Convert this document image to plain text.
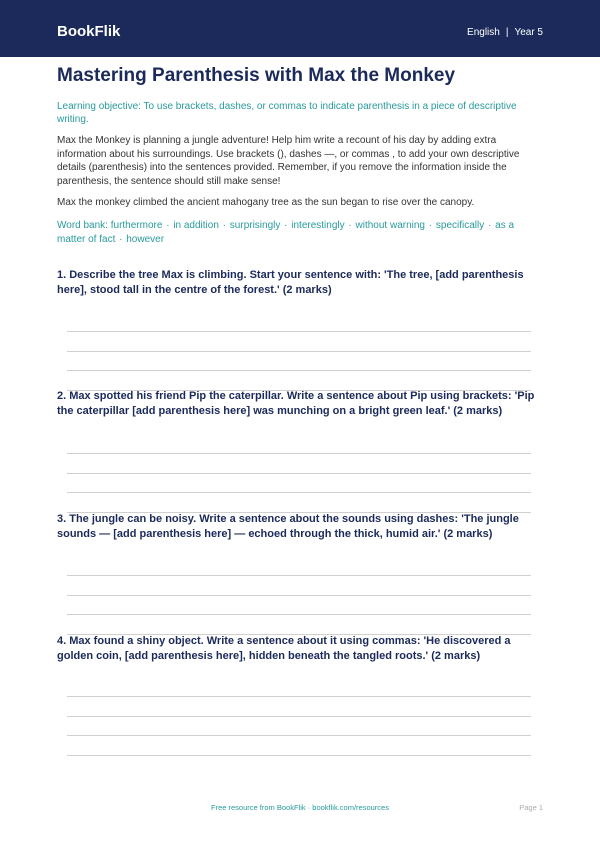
BookFlik	English | Year 5
Mastering Parenthesis with Max the Monkey
Learning objective: To use brackets, dashes, or commas to indicate parenthesis in a piece of descriptive writing.
Max the Monkey is planning a jungle adventure! Help him write a recount of his day by adding extra information about his surroundings. Use brackets (), dashes —, or commas , to add your own descriptive details (parenthesis) into the sentences provided. Remember, if you remove the information inside the parenthesis, the sentence should still make sense!
Max the monkey climbed the ancient mahogany tree as the sun began to rise over the canopy.
Word bank: furthermore · in addition · surprisingly · interestingly · without warning · specifically · as a matter of fact · however
1. Describe the tree Max is climbing. Start your sentence with: 'The tree, [add parenthesis here], stood tall in the centre of the forest.' (2 marks)
2. Max spotted his friend Pip the caterpillar. Write a sentence about Pip using brackets: 'Pip the caterpillar [add parenthesis here] was munching on a bright green leaf.' (2 marks)
3. The jungle can be noisy. Write a sentence about the sounds using dashes: 'The jungle sounds — [add parenthesis here] — echoed through the thick, humid air.' (2 marks)
4. Max found a shiny object. Write a sentence about it using commas: 'He discovered a golden coin, [add parenthesis here], hidden beneath the tangled roots.' (2 marks)
Free resource from BookFlik · bookflik.com/resources	Page 1
